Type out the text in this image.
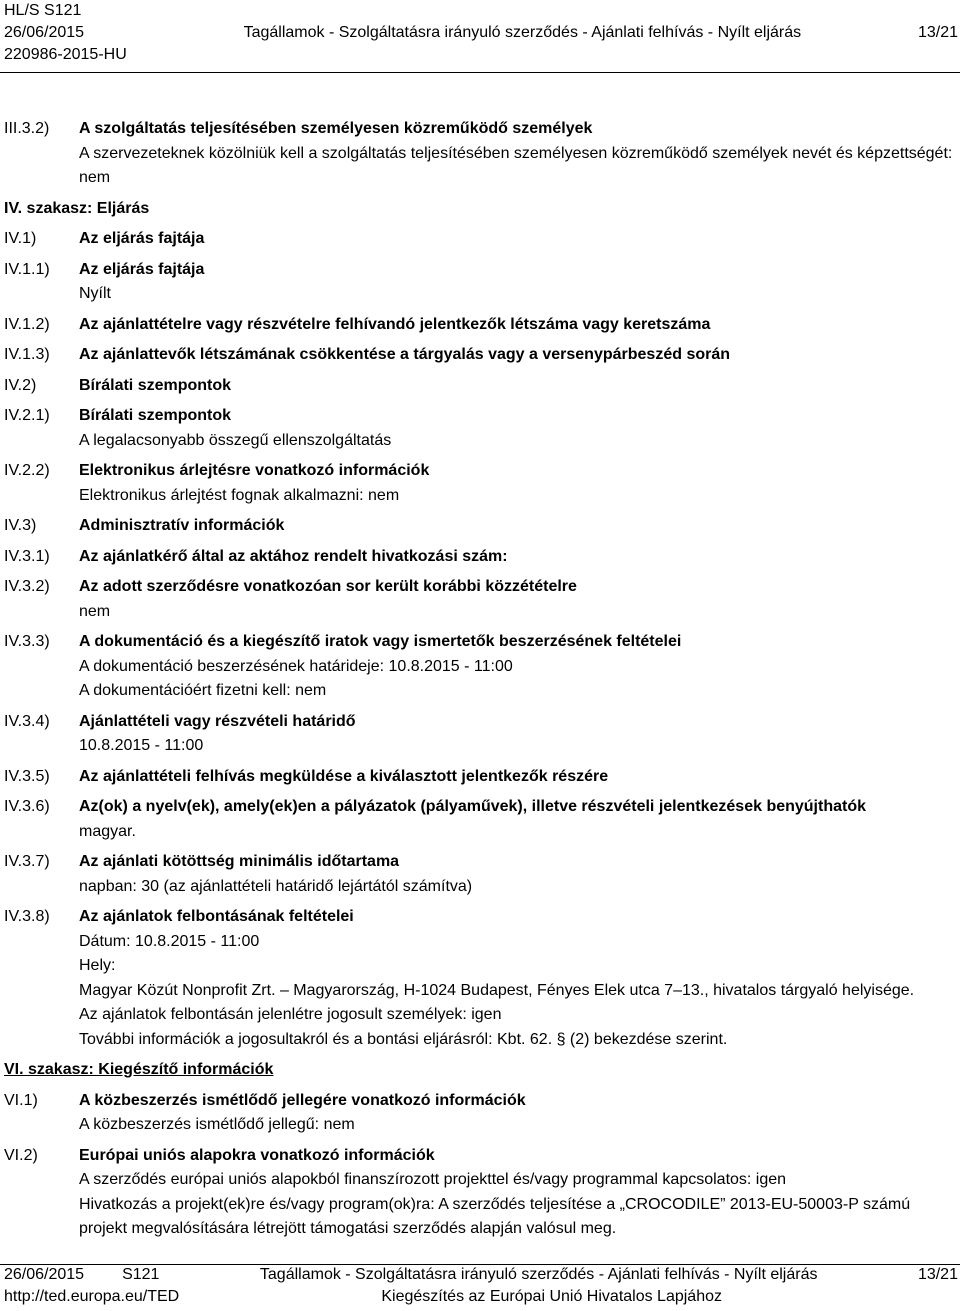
HL/S S121
26/06/2015
220986-2015-HU
Tagállamok - Szolgáltatásra irányuló szerződés - Ajánlati felhívás - Nyílt eljárás	13/21
III.3.2)	A szolgáltatás teljesítésében személyesen közreműködő személyek
A szervezeteknek közölniük kell a szolgáltatás teljesítésében személyesen közreműködő személyek nevét és képzettségét: nem
IV. szakasz: Eljárás
IV.1)	Az eljárás fajtája
IV.1.1)	Az eljárás fajtája
Nyílt
IV.1.2)	Az ajánlattételre vagy részvételre felhívandó jelentkezők létszáma vagy keretszáma
IV.1.3)	Az ajánlattevők létszámának csökkentése a tárgyalás vagy a versenypárbeszéd során
IV.2)	Bírálati szempontok
IV.2.1)	Bírálati szempontok
A legalacsonyabb összegű ellenszolgáltatás
IV.2.2)	Elektronikus árlejtésre vonatkozó információk
Elektronikus árlejtést fognak alkalmazni: nem
IV.3)	Adminisztratív információk
IV.3.1)	Az ajánlatkérő által az aktához rendelt hivatkozási szám:
IV.3.2)	Az adott szerződésre vonatkozóan sor került korábbi közzétételre
nem
IV.3.3)	A dokumentáció és a kiegészítő iratok vagy ismertetők beszerzésének feltételei
A dokumentáció beszerzésének határideje: 10.8.2015 - 11:00
A dokumentációért fizetni kell: nem
IV.3.4)	Ajánlattételi vagy részvételi határidő
10.8.2015 - 11:00
IV.3.5)	Az ajánlattételi felhívás megküldése a kiválasztott jelentkezők részére
IV.3.6)	Az(ok) a nyelv(ek), amely(ek)en a pályázatok (pályaművek), illetve részvételi jelentkezések benyújthatók
magyar.
IV.3.7)	Az ajánlati kötöttség minimális időtartama
napban: 30 (az ajánlattételi határidő lejártától számítva)
IV.3.8)	Az ajánlatok felbontásának feltételei
Dátum: 10.8.2015 - 11:00
Hely:
Magyar Közút Nonprofit Zrt. – Magyarország, H-1024 Budapest, Fényes Elek utca 7–13., hivatalos tárgyaló helyisége.
Az ajánlatok felbontásán jelenlétre jogosult személyek: igen
További információk a jogosultakról és a bontási eljárásról: Kbt. 62. § (2) bekezdése szerint.
VI. szakasz: Kiegészítő információk
VI.1)	A közbeszerzés ismétlődő jellegére vonatkozó információk
A közbeszerzés ismétlődő jellegű: nem
VI.2)	Európai uniós alapokra vonatkozó információk
A szerződés európai uniós alapokból finanszírozott projekttel és/vagy programmal kapcsolatos: igen
Hivatkozás a projekt(ek)re és/vagy program(ok)ra: A szerződés teljesítése a „CROCODILE” 2013-EU-50003-P számú projekt megvalósítására létrejött támogatási szerződés alapján valósul meg.
26/06/2015 S121	Tagállamok - Szolgáltatásra irányuló szerződés - Ajánlati felhívás - Nyílt eljárás	13/21
http://ted.europa.eu/TED	Kiegészítés az Európai Unió Hivatalos Lapjához
